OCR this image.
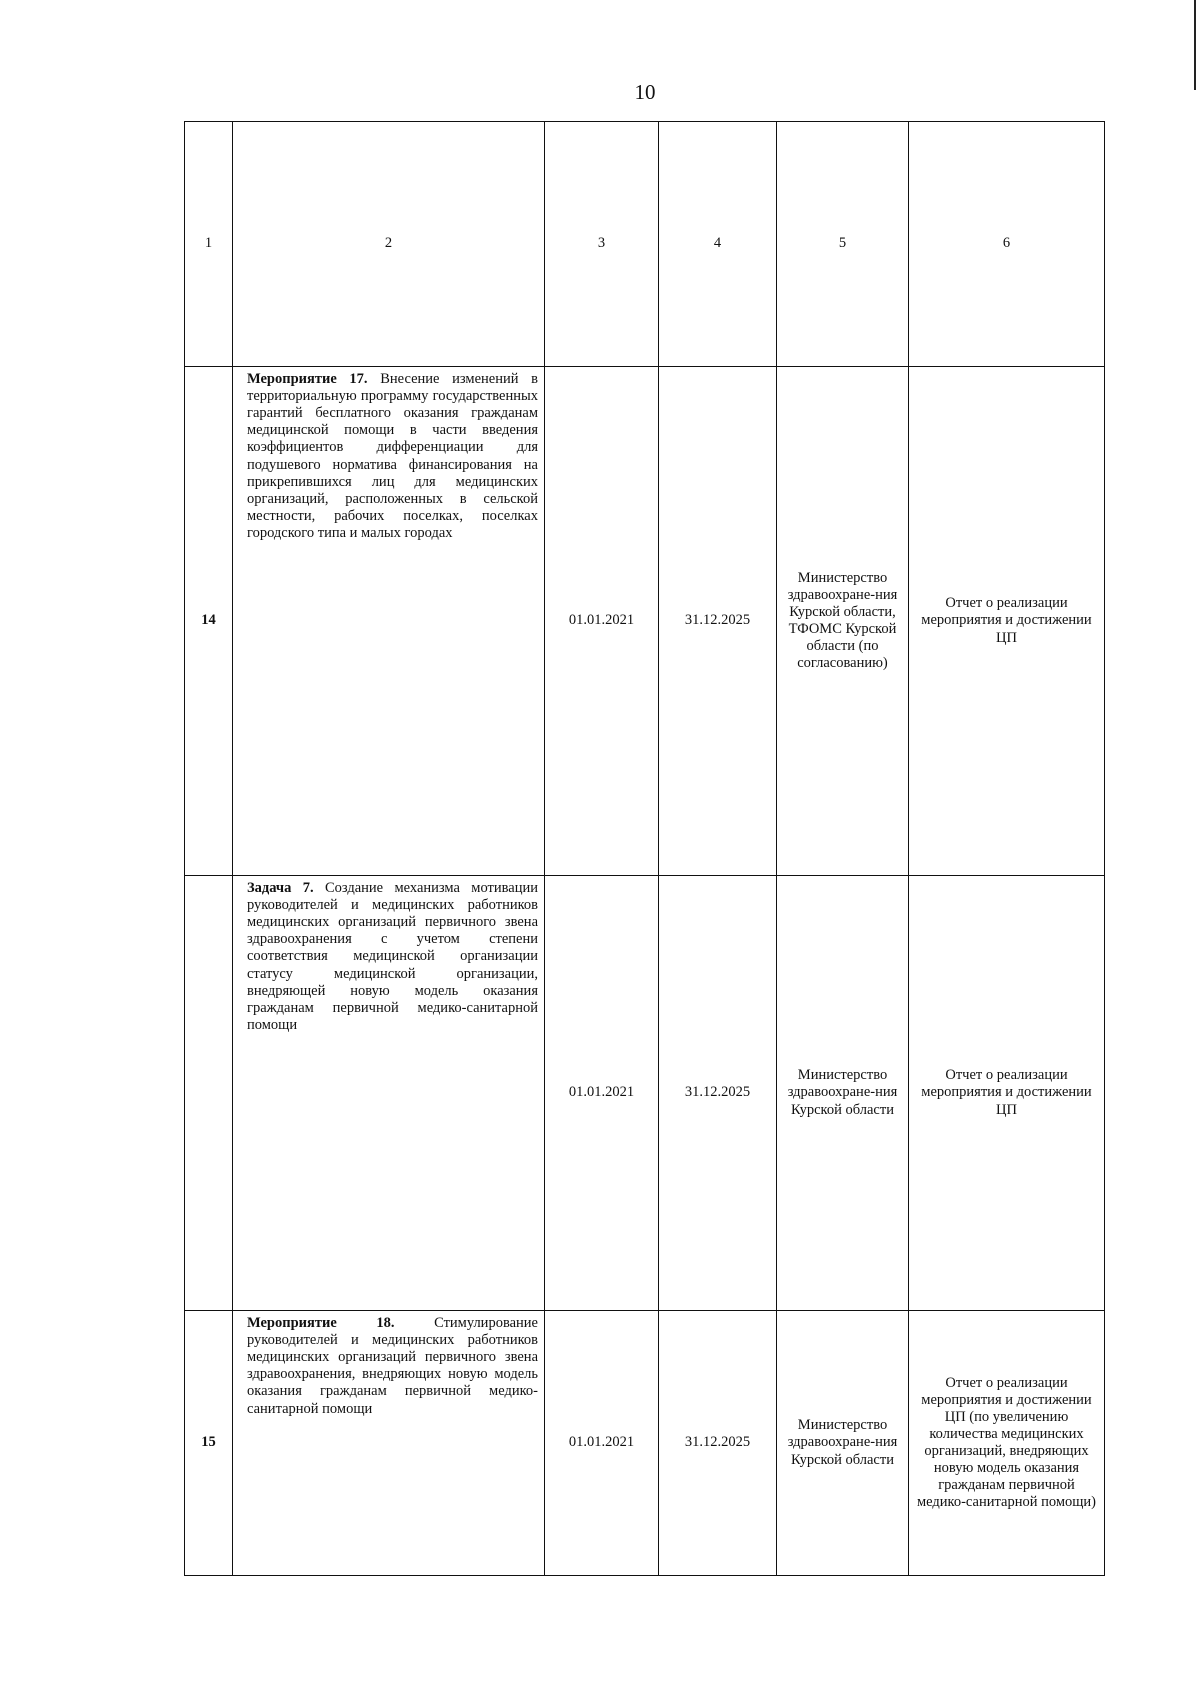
10
1	2	3	4	5	6
14	Мероприятие 17. Внесение изменений в территориальную программу государственных гарантий бесплатного оказания гражданам медицинской помощи в части введения коэффициентов дифференциации для подушевого норматива финансирования на прикрепившихся лиц для медицинских организаций, расположенных в сельской местности, рабочих поселках, поселках городского типа и малых городах	01.01.2021	31.12.2025	Министерство здравоохране-ния Курской области, ТФОМС Курской области (по согласованию)	Отчет о реализации мероприятия и достижении ЦП
	Задача 7. Создание механизма мотивации руководителей и медицинских работников медицинских организаций первичного звена здравоохранения с учетом степени соответствия медицинской организации статусу медицинской организации, внедряющей новую модель оказания гражданам первичной медико-санитарной помощи	01.01.2021	31.12.2025	Министерство здравоохране-ния Курской области	Отчет о реализации мероприятия и достижении ЦП
15	Мероприятие 18. Стимулирование руководителей и медицинских работников медицинских организаций первичного звена здравоохранения, внедряющих новую модель оказания гражданам первичной медико-санитарной помощи	01.01.2021	31.12.2025	Министерство здравоохране-ния Курской области	Отчет о реализации мероприятия и достижении ЦП (по увеличению количества медицинских организаций, внедряющих новую модель оказания гражданам первичной медико-санитарной помощи)
